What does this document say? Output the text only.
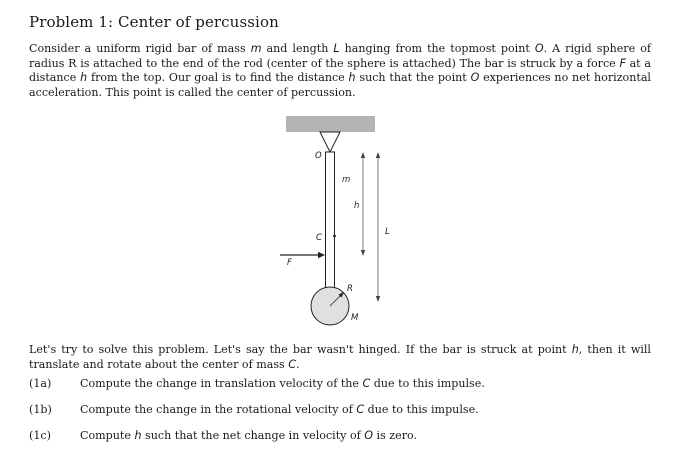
Problem 1: Center of percussion

Consider a uniform rigid bar of mass m and length L hanging from the topmost point O. A rigid sphere of radius R is attached to the end of the rod (center of the sphere is attached) The bar is struck by a force F at a distance h from the top. Our goal is to find the distance h such that the point O experiences no net horizontal acceleration. This point is called the center of percussion.

O
m
h
L
C
F
R
M

Let's try to solve this problem. Let's say the bar wasn't hinged. If the bar is struck at point h, then it will translate and rotate about the center of mass C.

(1a)	Compute the change in translation velocity of the C due to this impulse.
(1b)	Compute the change in the rotational velocity of C due to this impulse.
(1c)	Compute h such that the net change in velocity of O is zero.
